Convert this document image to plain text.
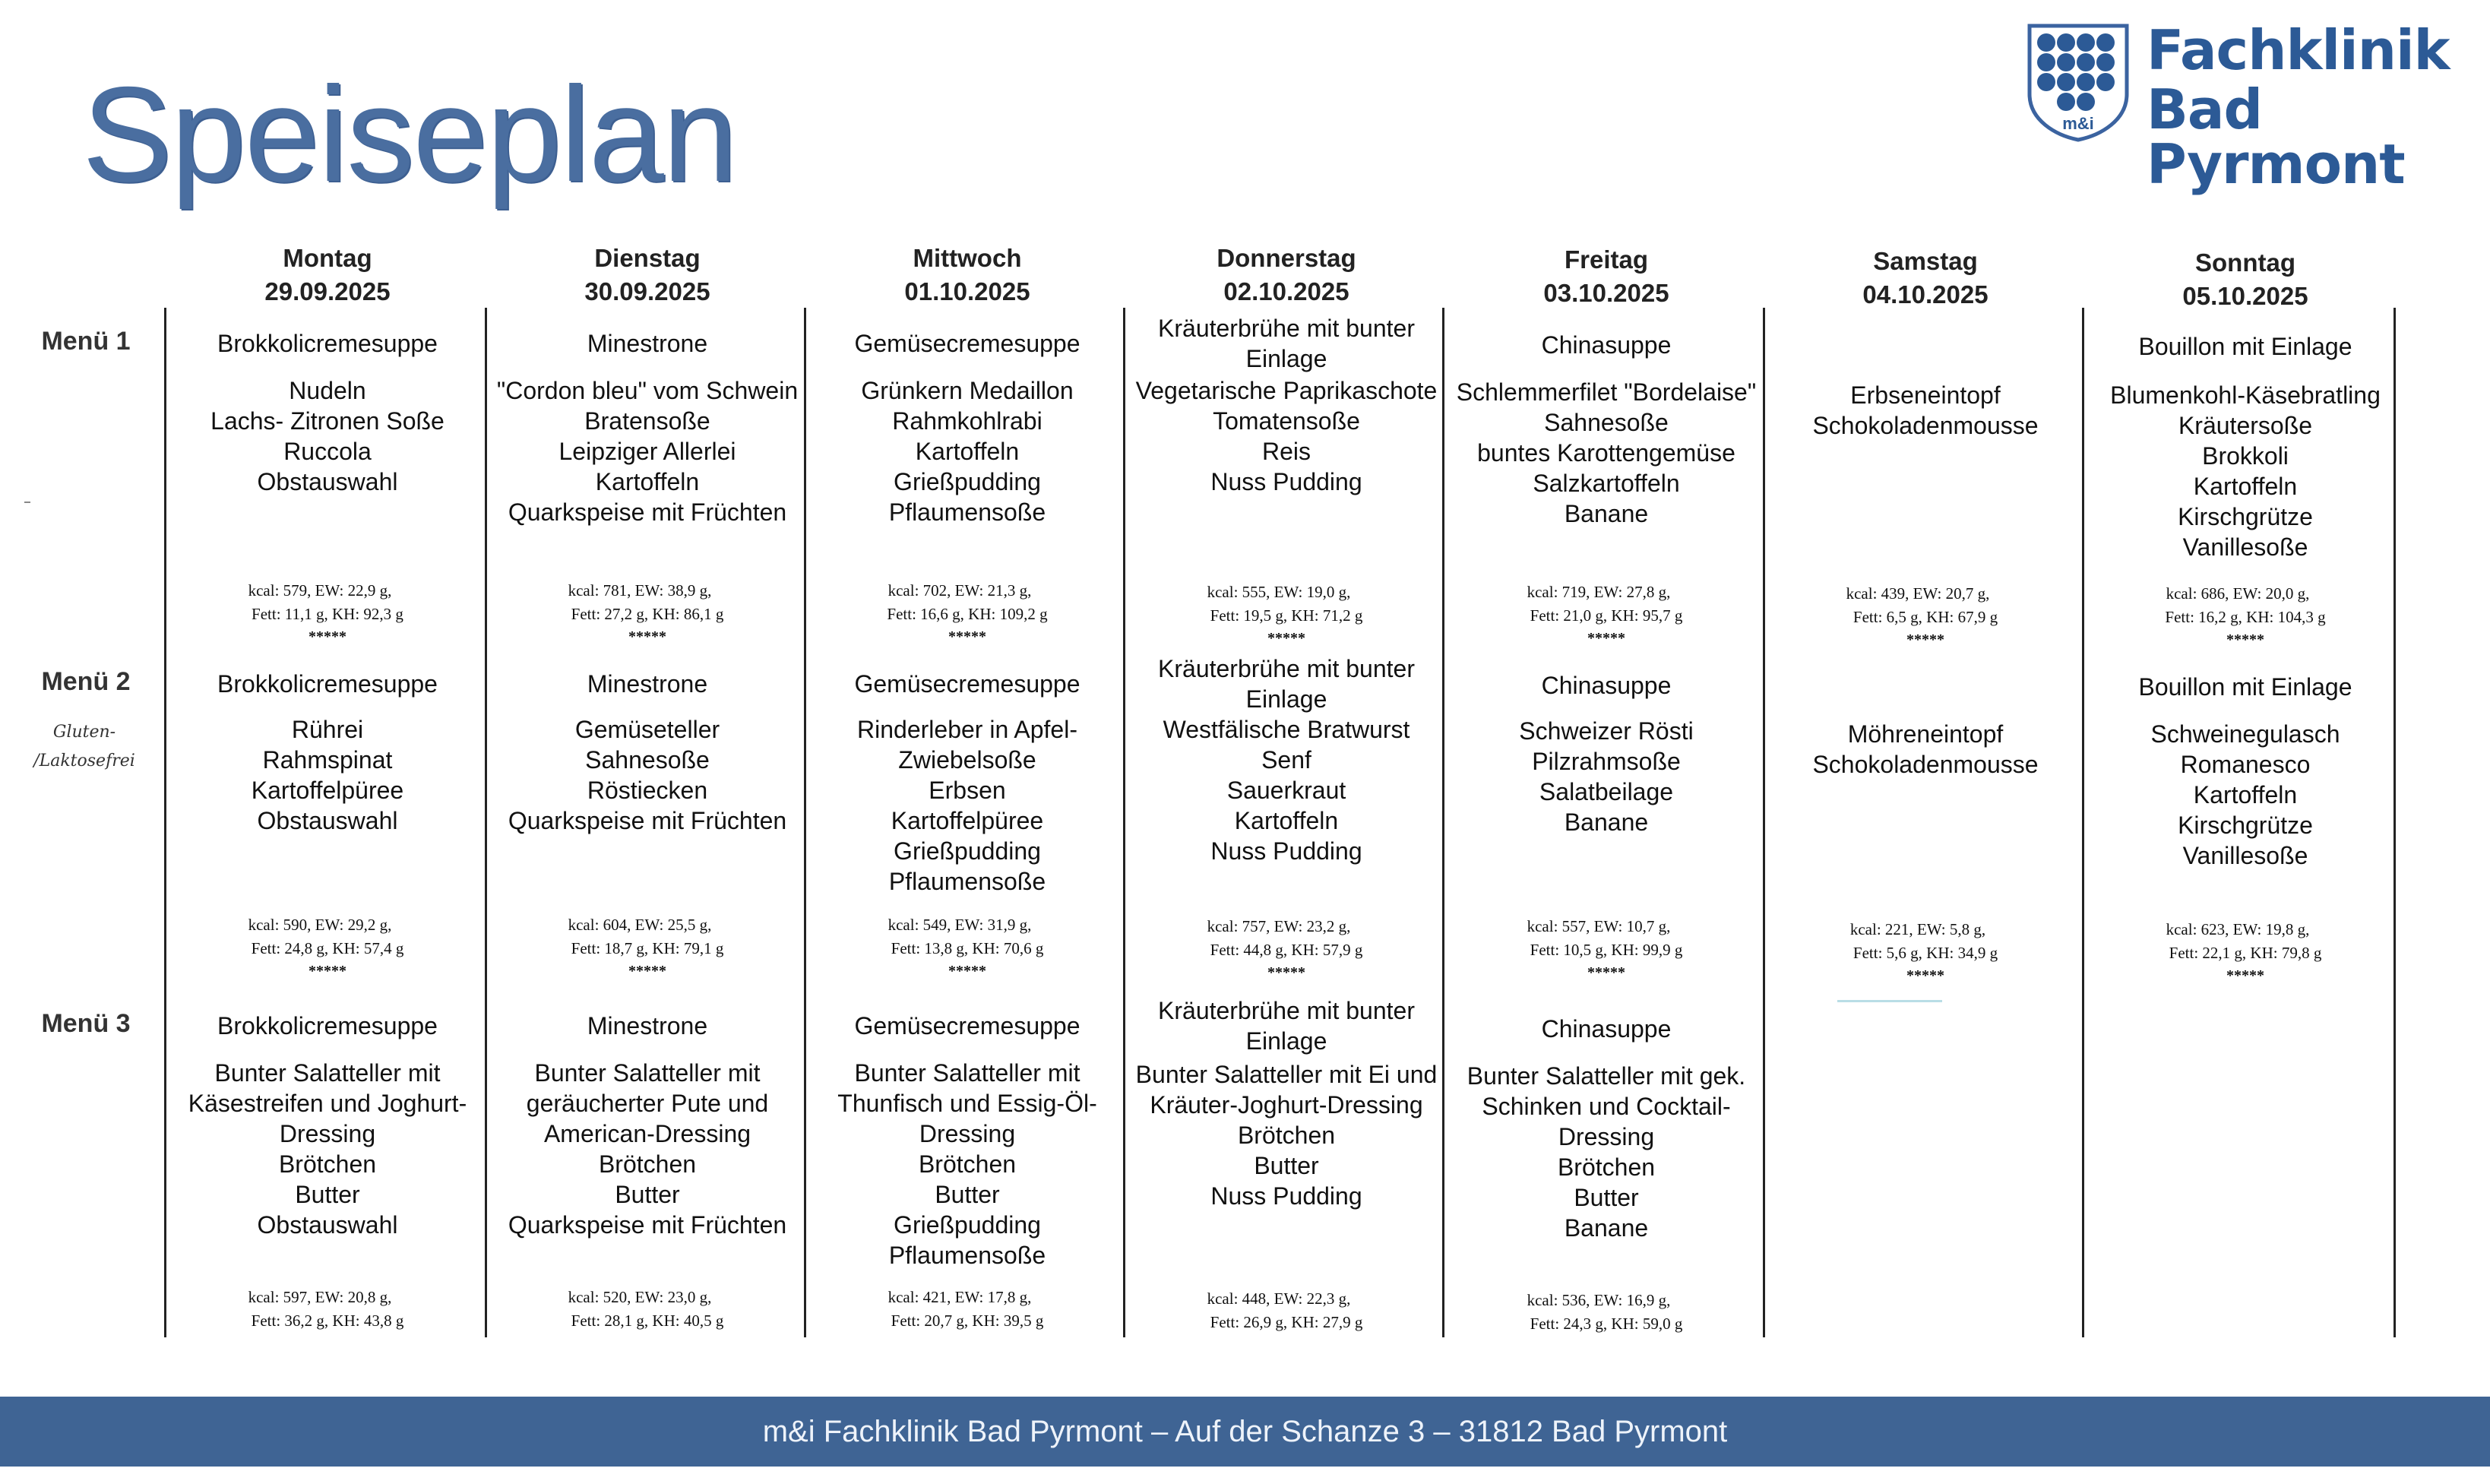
Speiseplan	m&i
Fachklinik
Bad Pyrmont
Montag
29.09.2025
Dienstag
30.09.2025
Mittwoch
01.10.2025
Donnerstag
02.10.2025
Freitag
03.10.2025
Samstag
04.10.2025
Sonntag
05.10.2025
Menü 1
Menü 2
Gluten-
/Laktosefrei
Menü 3
Brokkolicremesuppe
Nudeln
Lachs- Zitronen Soße
Ruccola
Obstauswahl
kcal: 579, EW: 22,9 g,
Fett: 11,1 g, KH: 92,3 g
*****
Minestrone
"Cordon bleu" vom Schwein
Bratensoße
Leipziger Allerlei
Kartoffeln
Quarkspeise mit Früchten
kcal: 781, EW: 38,9 g,
Fett: 27,2 g, KH: 86,1 g
*****
Gemüsecremesuppe
Grünkern Medaillon
Rahmkohlrabi
Kartoffeln
Grießpudding
Pflaumensoße
kcal: 702, EW: 21,3 g,
Fett: 16,6 g, KH: 109,2 g
*****
Kräuterbrühe mit bunter
Einlage
Vegetarische Paprikaschote
Tomatensoße
Reis
Nuss Pudding
kcal: 555, EW: 19,0 g,
Fett: 19,5 g, KH: 71,2 g
*****
Chinasuppe
Schlemmerfilet "Bordelaise"
Sahnesoße
buntes Karottengemüse
Salzkartoffeln
Banane
kcal: 719, EW: 27,8 g,
Fett: 21,0 g, KH: 95,7 g
*****
Erbseneintopf
Schokoladenmousse
kcal: 439, EW: 20,7 g,
Fett: 6,5 g, KH: 67,9 g
*****
Bouillon mit Einlage
Blumenkohl-Käsebratling
Kräutersoße
Brokkoli
Kartoffeln
Kirschgrütze
Vanillesoße
kcal: 686, EW: 20,0 g,
Fett: 16,2 g, KH: 104,3 g
*****
Brokkolicremesuppe
Rührei
Rahmspinat
Kartoffelpüree
Obstauswahl
kcal: 590, EW: 29,2 g,
Fett: 24,8 g, KH: 57,4 g
*****
Minestrone
Gemüseteller
Sahnesoße
Röstiecken
Quarkspeise mit Früchten
kcal: 604, EW: 25,5 g,
Fett: 18,7 g, KH: 79,1 g
*****
Gemüsecremesuppe
Rinderleber in Apfel-
Zwiebelsoße
Erbsen
Kartoffelpüree
Grießpudding
Pflaumensoße
kcal: 549, EW: 31,9 g,
Fett: 13,8 g, KH: 70,6 g
*****
Kräuterbrühe mit bunter
Einlage
Westfälische Bratwurst
Senf
Sauerkraut
Kartoffeln
Nuss Pudding
kcal: 757, EW: 23,2 g,
Fett: 44,8 g, KH: 57,9 g
*****
Chinasuppe
Schweizer Rösti
Pilzrahmsoße
Salatbeilage
Banane
kcal: 557, EW: 10,7 g,
Fett: 10,5 g, KH: 99,9 g
*****
Möhreneintopf
Schokoladenmousse
kcal: 221, EW: 5,8 g,
Fett: 5,6 g, KH: 34,9 g
*****
Bouillon mit Einlage
Schweinegulasch
Romanesco
Kartoffeln
Kirschgrütze
Vanillesoße
kcal: 623, EW: 19,8 g,
Fett: 22,1 g, KH: 79,8 g
*****
Brokkolicremesuppe
Bunter Salatteller mit
Käsestreifen und Joghurt-
Dressing
Brötchen
Butter
Obstauswahl
kcal: 597, EW: 20,8 g,
Fett: 36,2 g, KH: 43,8 g
Minestrone
Bunter Salatteller mit
geräucherter Pute und
American-Dressing
Brötchen
Butter
Quarkspeise mit Früchten
kcal: 520, EW: 23,0 g,
Fett: 28,1 g, KH: 40,5 g
Gemüsecremesuppe
Bunter Salatteller mit
Thunfisch und Essig-Öl-
Dressing
Brötchen
Butter
Grießpudding
Pflaumensoße
kcal: 421, EW: 17,8 g,
Fett: 20,7 g, KH: 39,5 g
Kräuterbrühe mit bunter
Einlage
Bunter Salatteller mit Ei und
Kräuter-Joghurt-Dressing
Brötchen
Butter
Nuss Pudding
kcal: 448, EW: 22,3 g,
Fett: 26,9 g, KH: 27,9 g
Chinasuppe
Bunter Salatteller mit gek.
Schinken und Cocktail-
Dressing
Brötchen
Butter
Banane
kcal: 536, EW: 16,9 g,
Fett: 24,3 g, KH: 59,0 g
m&i Fachklinik Bad Pyrmont – Auf der Schanze 3 – 31812 Bad Pyrmont
